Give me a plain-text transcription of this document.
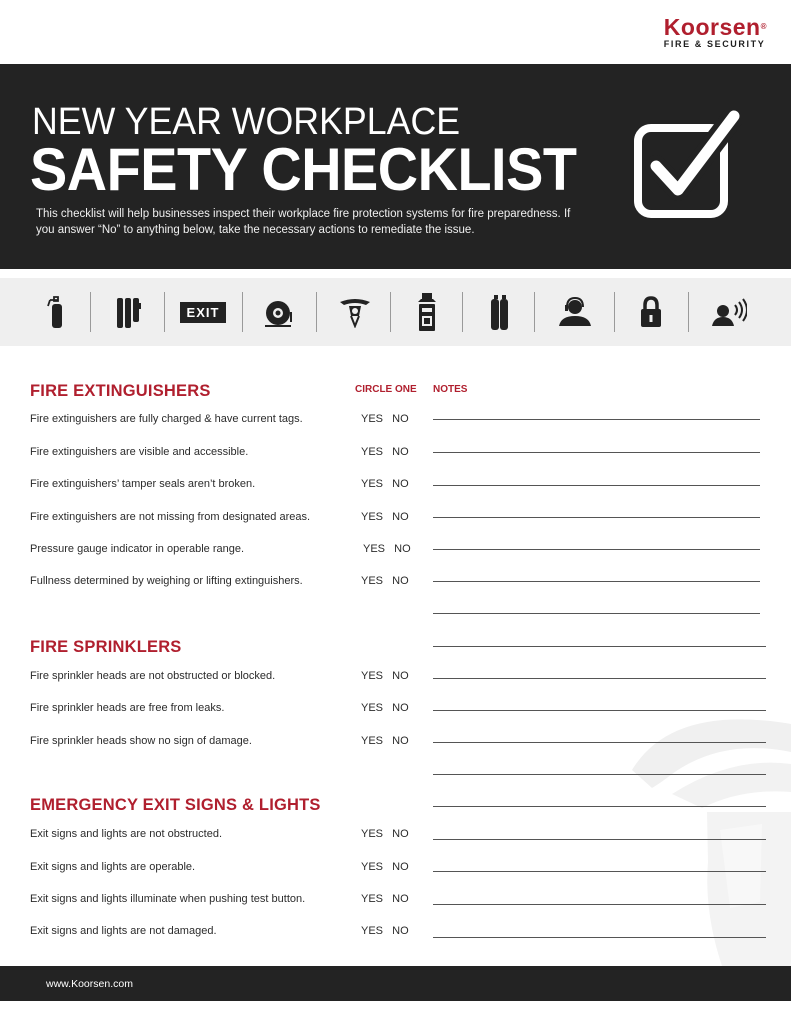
Koorsen®
FIRE & SECURITY
NEW YEAR WORKPLACE
SAFETY CHECKLIST
This checklist will help businesses inspect their workplace fire protection systems for fire preparedness. If you answer “No” to anything below, take the necessary actions to remediate the issue.
EXIT
CIRCLE ONE NOTES
FIRE EXTINGUISHERS
Fire extinguishers are fully charged & have current tags.	YES   NO
Fire extinguishers are visible and accessible.	YES   NO
Fire extinguishers’ tamper seals aren’t broken.	YES   NO
Fire extinguishers are not missing from designated areas.	YES   NO
Pressure gauge indicator in operable range.	YES   NO
Fullness determined by weighing or lifting extinguishers.	YES   NO
FIRE SPRINKLERS
Fire sprinkler heads are not obstructed or blocked.	YES   NO
Fire sprinkler heads are free from leaks.	YES   NO
Fire sprinkler heads show no sign of damage.	YES   NO
EMERGENCY EXIT SIGNS & LIGHTS
Exit signs and lights are not obstructed.	YES   NO
Exit signs and lights are operable.	YES   NO
Exit signs and lights illuminate when pushing test button.	YES   NO
Exit signs and lights are not damaged.	YES   NO
www.Koorsen.com
